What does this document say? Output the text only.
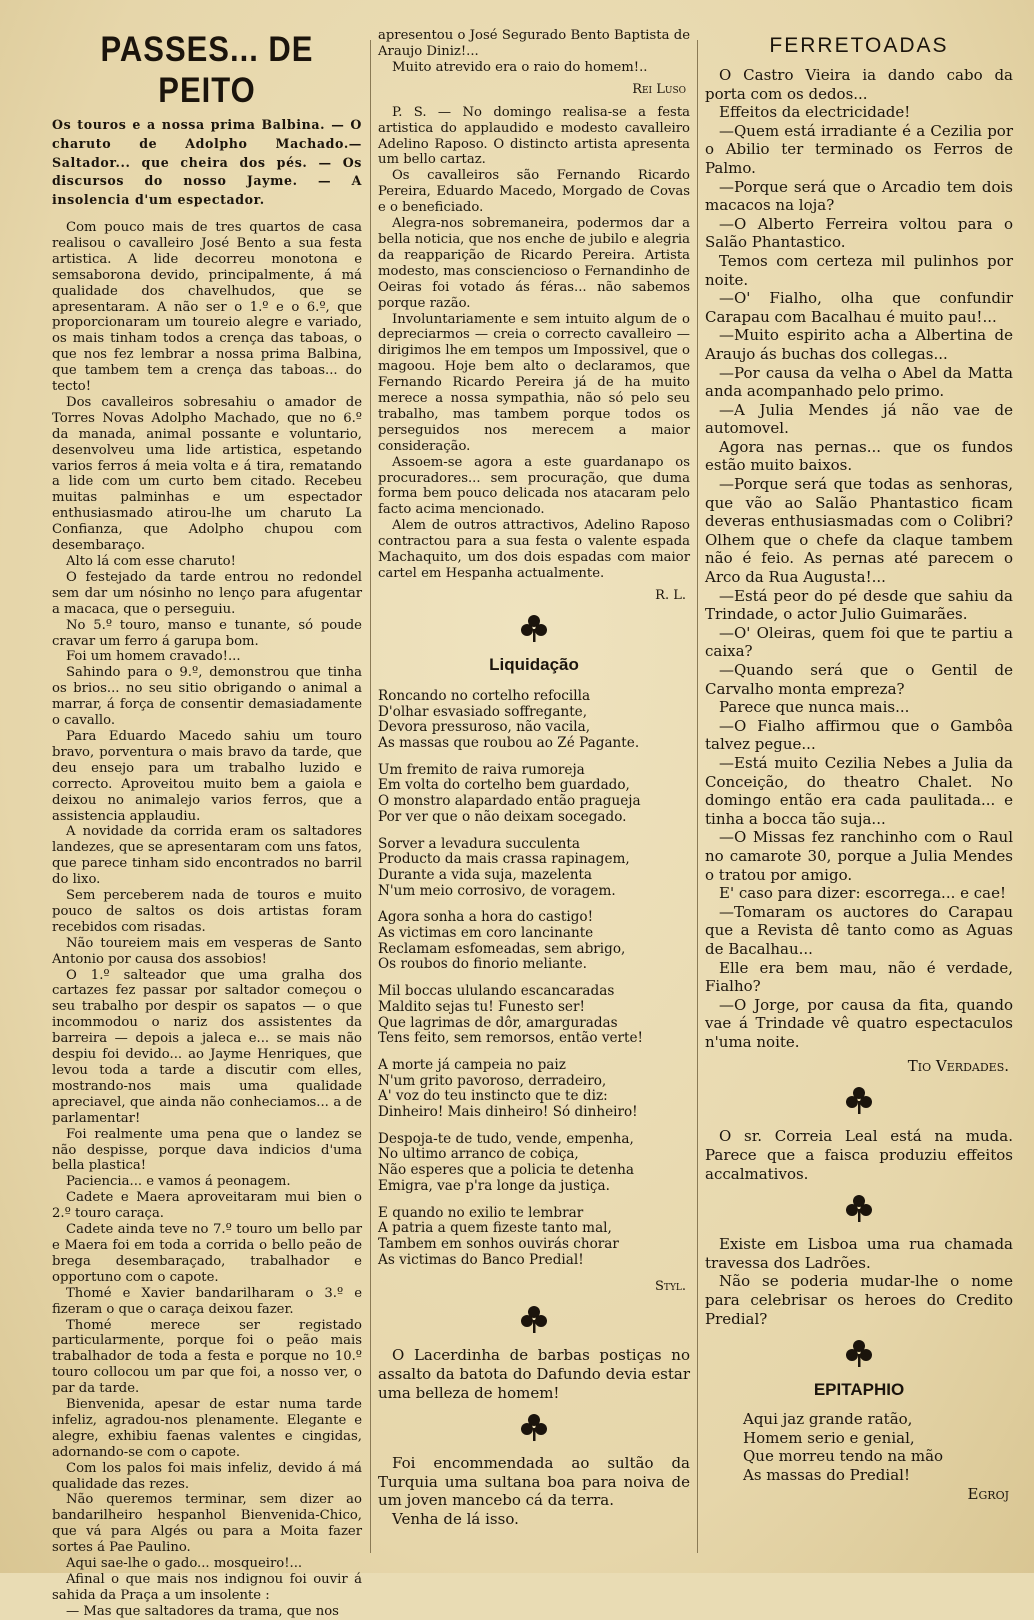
PASSES... DE PEITO
Os touros e a nossa prima Balbina. — O charuto de Adolpho Machado.—Saltador... que cheira dos pés. — Os discursos do nosso Jayme. — A insolencia d'um espectador.

Com pouco mais de tres quartos de casa realisou o cavalleiro José Bento a sua festa artistica. A lide decorreu monotona e semsaborona devido, principalmente, á má qualidade dos chavelhudos, que se apresentaram. A não ser o 1.º e o 6.º, que proporcionaram um toureio alegre e variado, os mais tinham todos a crença das taboas, o que nos fez lembrar a nossa prima Balbina, que tambem tem a crença das taboas... do tecto!

Dos cavalleiros sobresahiu o amador de Torres Novas Adolpho Machado, que no 6.º da manada, animal possante e voluntario, desenvolveu uma lide artistica, espetando varios ferros á meia volta e á tira, rematando a lide com um curto bem citado. Recebeu muitas palminhas e um espectador enthusiasmado atirou-lhe um charuto La Confianza, que Adolpho chupou com desembaraço.

Alto lá com esse charuto!

O festejado da tarde entrou no redondel sem dar um nósinho no lenço para afugentar a macaca, que o perseguiu.

No 5.º touro, manso e tunante, só poude cravar um ferro á garupa bom.

Foi um homem cravado!...

Sahindo para o 9.º, demonstrou que tinha os brios... no seu sitio obrigando o animal a marrar, á força de consentir demasiadamente o cavallo.

Para Eduardo Macedo sahiu um touro bravo, porventura o mais bravo da tarde, que deu ensejo para um trabalho luzido e correcto. Aproveitou muito bem a gaiola e deixou no animalejo varios ferros, que a assistencia applaudiu.

A novidade da corrida eram os saltadores landezes, que se apresentaram com uns fatos, que parece tinham sido encontrados no barril do lixo.

Sem perceberem nada de touros e muito pouco de saltos os dois artistas foram recebidos com risadas.

Não toureiem mais em vesperas de Santo Antonio por causa dos assobios!

O 1.º salteador que uma gralha dos cartazes fez passar por saltador começou o seu trabalho por despir os sapatos — o que incommodou o nariz dos assistentes da barreira — depois a jaleca e... se mais não despiu foi devido... ao Jayme Henriques, que levou toda a tarde a discutir com elles, mostrando-nos mais uma qualidade apreciavel, que ainda não conheciamos... a de parlamentar!

Foi realmente uma pena que o landez se não despisse, porque dava indicios d'uma bella plastica!

Paciencia... e vamos á peonagem.

Cadete e Maera aproveitaram mui bien o 2.º touro caraça.

Cadete ainda teve no 7.º touro um bello par e Maera foi em toda a corrida o bello peão de brega desembaraçado, trabalhador e opportuno com o capote.

Thomé e Xavier bandarilharam o 3.º e fizeram o que o caraça deixou fazer.

Thomé merece ser registado particularmente, porque foi o peão mais trabalhador de toda a festa e porque no 10.º touro collocou um par que foi, a nosso ver, o par da tarde.

Bienvenida, apesar de estar numa tarde infeliz, agradou-nos plenamente. Elegante e alegre, exhibiu faenas valentes e cingidas, adornando-se com o capote.

Com los palos foi mais infeliz, devido á má qualidade das rezes.

Não queremos terminar, sem dizer ao bandarilheiro hespanhol Bienvenida-Chico, que vá para Algés ou para a Moita fazer sortes á Pae Paulino.

Aqui sae-lhe o gado... mosqueiro!...

Afinal o que mais nos indignou foi ouvir á sahida da Praça a um insolente :

— Mas que saltadores da trama, que nos

apresentou o José Segurado Bento Baptista de Araujo Diniz!...

Muito atrevido era o raio do homem!..

Rei Luso

P. S. — No domingo realisa-se a festa artistica do applaudido e modesto cavalleiro Adelino Raposo. O distincto artista apresenta um bello cartaz.

Os cavalleiros são Fernando Ricardo Pereira, Eduardo Macedo, Morgado de Covas e o beneficiado.

Alegra-nos sobremaneira, podermos dar a bella noticia, que nos enche de jubilo e alegria da reapparição de Ricardo Pereira. Artista modesto, mas consciencioso o Fernandinho de Oeiras foi votado ás féras... não sabemos porque razão.

Involuntariamente e sem intuito algum de o depreciarmos — creia o correcto cavalleiro — dirigimos lhe em tempos um Impossivel, que o magoou. Hoje bem alto o declaramos, que Fernando Ricardo Pereira já de ha muito merece a nossa sympathia, não só pelo seu trabalho, mas tambem porque todos os perseguidos nos merecem a maior consideração.

Assoem-se agora a este guardanapo os procuradores... sem procuração, que duma forma bem pouco delicada nos atacaram pelo facto acima mencionado.

Alem de outros attractivos, Adelino Raposo contractou para a sua festa o valente espada Machaquito, um dos dois espadas com maior cartel em Hespanha actualmente.

R. L.
Liquidação

Roncando no cortelho refocilla

D'olhar esvasiado soffregante,

Devora pressuroso, não vacila,

As massas que roubou ao Zé Pagante.

Um fremito de raiva rumoreja

Em volta do cortelho bem guardado,

O monstro alapardado então pragueja

Por ver que o não deixam socegado.

Sorver a levadura succulenta

Producto da mais crassa rapinagem,

Durante a vida suja, mazelenta

N'um meio corrosivo, de voragem.

Agora sonha a hora do castigo!

As victimas em coro lancinante

Reclamam esfomeadas, sem abrigo,

Os roubos do finorio meliante.

Mil boccas ululando escancaradas

Maldito sejas tu! Funesto ser!

Que lagrimas de dôr, amarguradas

Tens feito, sem remorsos, então verte!

A morte já campeia no paiz

N'um grito pavoroso, derradeiro,

A' voz do teu instincto que te diz:

Dinheiro! Mais dinheiro! Só dinheiro!

Despoja-te de tudo, vende, empenha,

No ultimo arranco de cobiça,

Não esperes que a policia te detenha

Emigra, vae p'ra longe da justiça.

E quando no exilio te lembrar

A patria a quem fizeste tanto mal,

Tambem em sonhos ouvirás chorar

As victimas do Banco Predial!

Styl.

O Lacerdinha de barbas postiças no assalto da batota do Dafundo devia estar uma belleza de homem!

Foi encommendada ao sultão da Turquia uma sultana boa para noiva de um joven mancebo cá da terra.

Venha de lá isso.

FERRETOADAS

O Castro Vieira ia dando cabo da porta com os dedos...

Effeitos da electricidade!

—Quem está irradiante é a Cezilia por o Abilio ter terminado os Ferros de Palmo.

—Porque será que o Arcadio tem dois macacos na loja?

—O Alberto Ferreira voltou para o Salão Phantastico.

Temos com certeza mil pulinhos por noite.

—O' Fialho, olha que confundir Carapau com Bacalhau é muito pau!...

—Muito espirito acha a Albertina de Araujo ás buchas dos collegas...

—Por causa da velha o Abel da Matta anda acompanhado pelo primo.

—A Julia Mendes já não vae de automovel.

Agora nas pernas... que os fundos estão muito baixos.

—Porque será que todas as senhoras, que vão ao Salão Phantastico ficam deveras enthusiasmadas com o Colibri? Olhem que o chefe da claque tambem não é feio. As pernas até parecem o Arco da Rua Augusta!...

—Está peor do pé desde que sahiu da Trindade, o actor Julio Guimarães.

—O' Oleiras, quem foi que te partiu a caixa?

—Quando será que o Gentil de Carvalho monta emprezа?

Parece que nunca mais...

—O Fialho affirmou que o Gambôa talvez pegue...

—Está muito Cezilia Nebes a Julia da Conceição, do theatro Chalet. No domingo então era cada paulitada... e tinha a bocca tão suja...

—O Missas fez ranchinho com o Raul no camarote 30, porque a Julia Mendes o tratou por amigo.

E' caso para dizer: escorrega... e cae!

—Tomaram os auctores do Carapau que a Revista dê tanto como as Aguas de Bacalhau...

Elle era bem mau, não é verdade, Fialho?

—O Jorge, por causa da fita, quando vae á Trindade vê quatro espectaculos n'uma noite.

Tio Verdades.

O sr. Correia Leal está na muda. Parece que a faisca produziu effeitos accalmativos.

Existe em Lisboa uma rua chamada travessa dos Ladrões.

Não se poderia mudar-lhe o nome para celebrisar os heroes do Credito Predial?

EPITAPHIO

Aqui jaz grande ratão,

Homem serio e genial,

Que morreu tendo na mão

As massas do Predial!

Egroj
